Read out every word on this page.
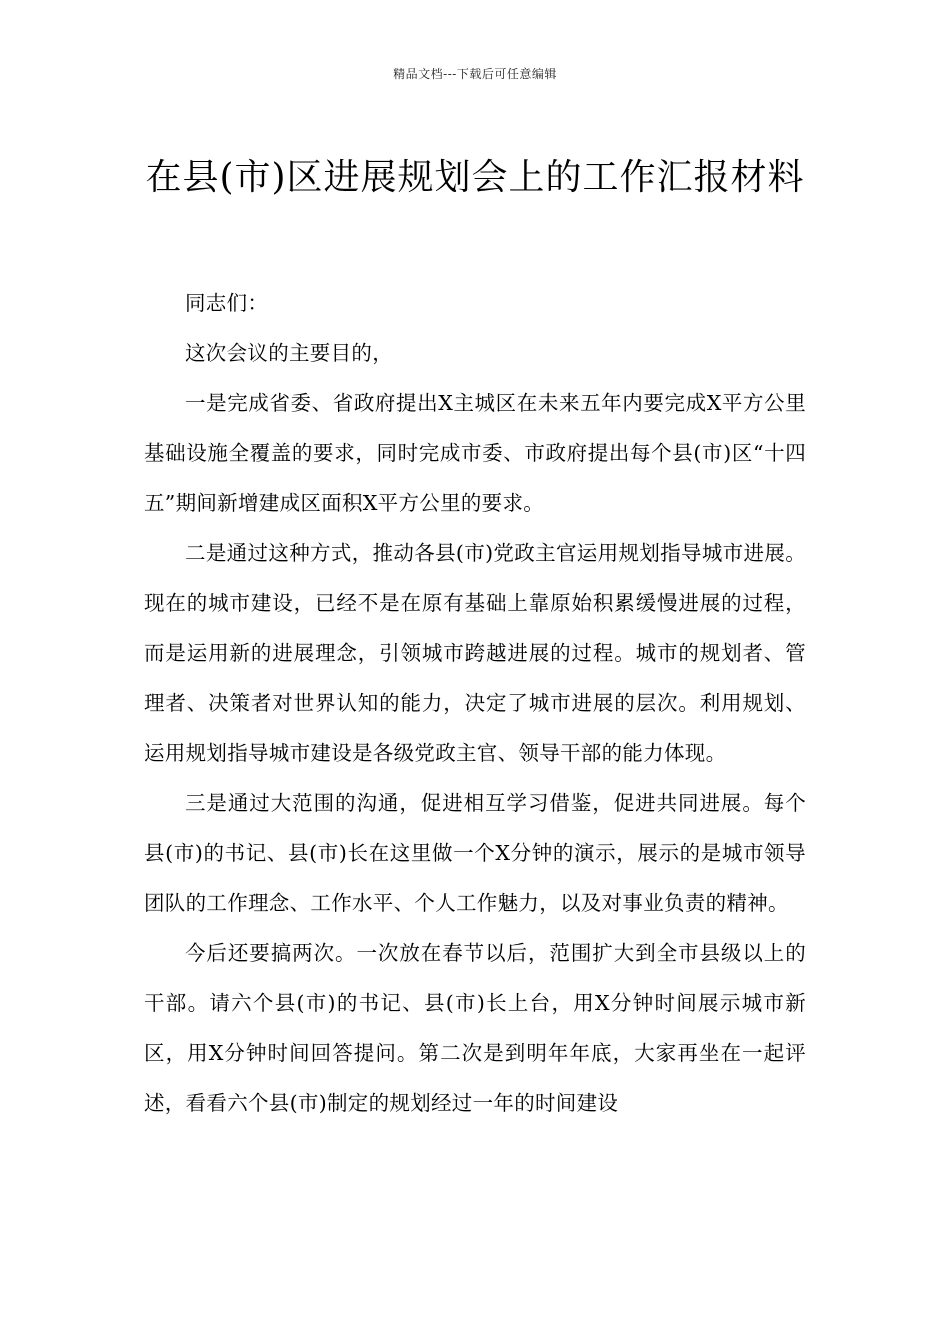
精品文档---下载后可任意编辑
在县(市)区进展规划会上的工作汇报材料

同志们：

这次会议的主要目的，

一是完成省委、省政府提出X主城区在未来五年内要完成X平方公里基础设施全覆盖的要求，同时完成市委、市政府提出每个县(市)区“十四五”期间新增建成区面积X平方公里的要求。

二是通过这种方式，推动各县(市)党政主官运用规划指导城市进展。现在的城市建设，已经不是在原有基础上靠原始积累缓慢进展的过程，而是运用新的进展理念，引领城市跨越进展的过程。城市的规划者、管理者、决策者对世界认知的能力，决定了城市进展的层次。利用规划、运用规划指导城市建设是各级党政主官、领导干部的能力体现。

三是通过大范围的沟通，促进相互学习借鉴，促进共同进展。每个县(市)的书记、县(市)长在这里做一个X分钟的演示，展示的是城市领导团队的工作理念、工作水平、个人工作魅力，以及对事业负责的精神。

今后还要搞两次。一次放在春节以后，范围扩大到全市县级以上的干部。请六个县(市)的书记、县(市)长上台，用X分钟时间展示城市新区，用X分钟时间回答提问。第二次是到明年年底，大家再坐在一起评述，看看六个县(市)制定的规划经过一年的时间建设
